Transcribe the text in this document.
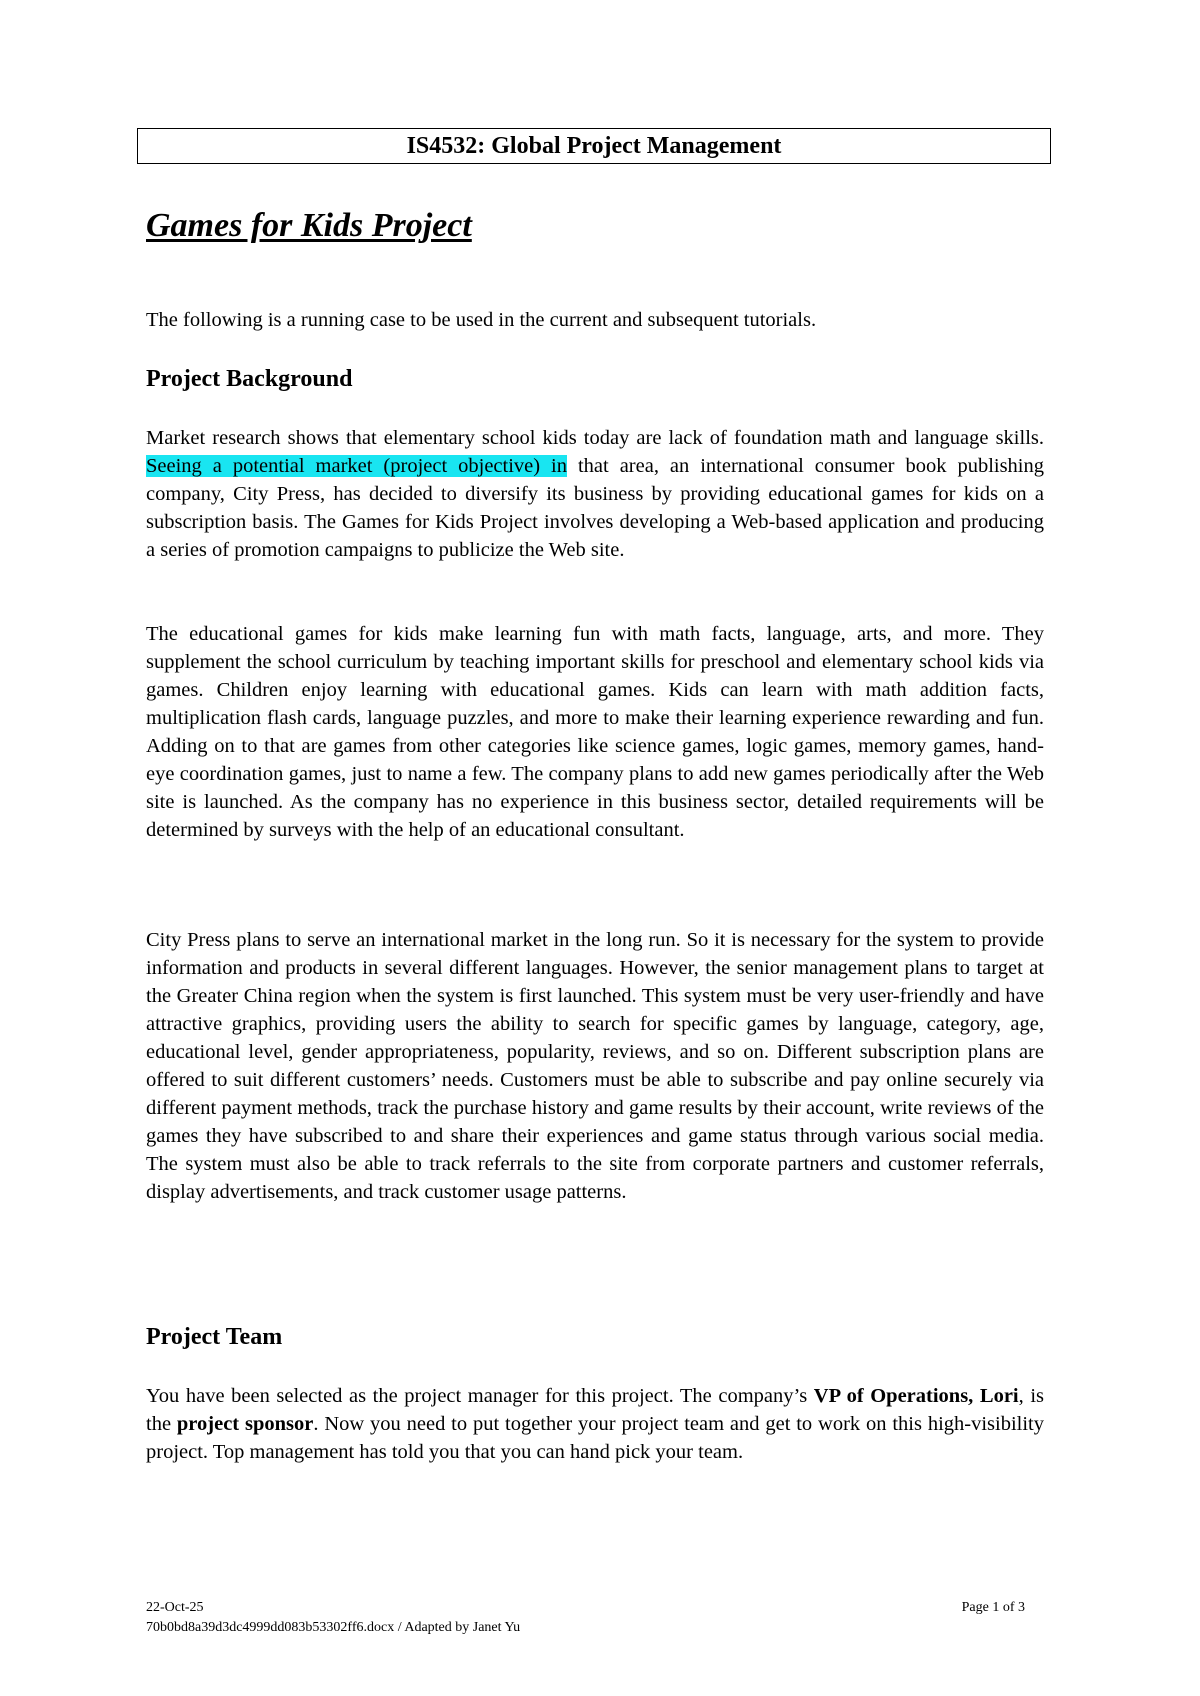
IS4532: Global Project Management
Games for Kids Project

The following is a running case to be used in the current and subsequent tutorials.

Project Background

Market research shows that elementary school kids today are lack of foundation math and language skills. Seeing a potential market (project objective) in that area, an international consumer book publishing company, City Press, has decided to diversify its business by providing educational games for kids on a subscription basis. The Games for Kids Project involves developing a Web-based application and producing a series of promotion campaigns to publicize the Web site.

The educational games for kids make learning fun with math facts, language, arts, and more. They supplement the school curriculum by teaching important skills for preschool and elementary school kids via games. Children enjoy learning with educational games. Kids can learn with math addition facts, multiplication flash cards, language puzzles, and more to make their learning experience rewarding and fun. Adding on to that are games from other categories like science games, logic games, memory games, hand-eye coordination games, just to name a few. The company plans to add new games periodically after the Web site is launched. As the company has no experience in this business sector, detailed requirements will be determined by surveys with the help of an educational consultant.

City Press plans to serve an international market in the long run. So it is necessary for the system to provide information and products in several different languages. However, the senior management plans to target at the Greater China region when the system is first launched. This system must be very user-friendly and have attractive graphics, providing users the ability to search for specific games by language, category, age, educational level, gender appropriateness, popularity, reviews, and so on. Different subscription plans are offered to suit different customers’ needs. Customers must be able to subscribe and pay online securely via different payment methods, track the purchase history and game results by their account, write reviews of the games they have subscribed to and share their experiences and game status through various social media. The system must also be able to track referrals to the site from corporate partners and customer referrals, display advertisements, and track customer usage patterns.

Project Team

You have been selected as the project manager for this project. The company’s VP of Operations, Lori, is the project sponsor. Now you need to put together your project team and get to work on this high-visibility project. Top management has told you that you can hand pick your team.

22-Oct-25
70b0bd8a39d3dc4999dd083b53302ff6.docx / Adapted by Janet Yu
Page 1 of 3
